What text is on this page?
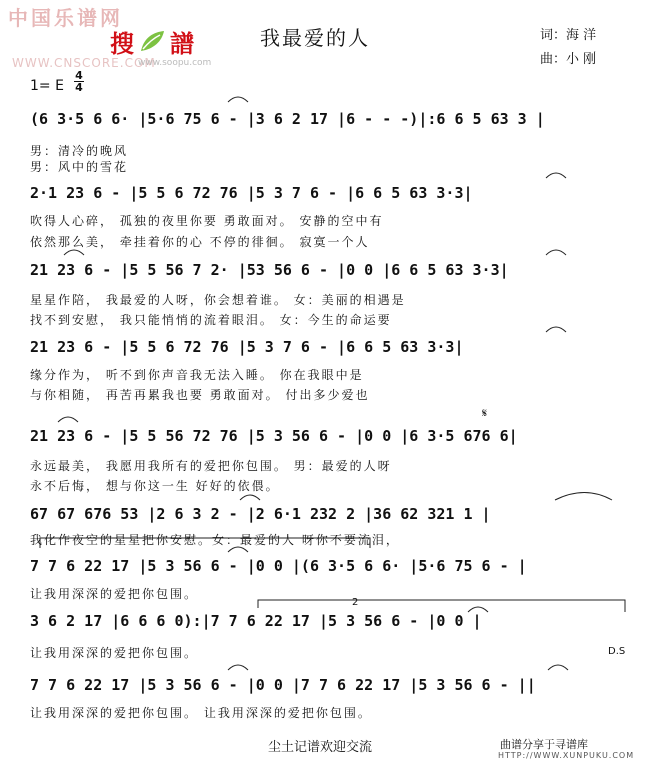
中国乐谱网
WWW.CNSCORE.COM
搜 譜
www.soopu.com
我最爱的人	词：海 洋
曲：小 刚
1= E
4
4
(6 3·5 6 6· |5·6 75 6 - |3 6 2 17 |6 - - -)|:6 6 5 63 3 |
男：清冷的晚风
男：风中的雪花
2·1 23 6 - |5 5 6 72 76 |5 3 7 6 - |6 6 5 63 3·3|
吹得人心碎， 孤独的夜里你要 勇敢面对。 安静的空中有
依然那么美， 牵挂着你的心 不停的徘徊。 寂寞一个人
21 23 6 - |5 5 56 7 2· |53 56 6 - |0 0 |6 6 5 63 3·3|
星星作陪， 我最爱的人呀，你会想着谁。 女：美丽的相遇是
找不到安慰， 我只能悄悄的流着眼泪。 女：今生的命运要
21 23 6 - |5 5 6 72 76 |5 3 7 6 - |6 6 5 63 3·3|
缘分作为， 听不到你声音我无法入睡。 你在我眼中是
与你相随， 再苦再累我也要 勇敢面对。 付出多少爱也
21 23 6 - |5 5 56 72 76 |5 3 56 6 - |0 0 |6 3·5 676 6|
永远最美， 我愿用我所有的爱把你包围。 男：最爱的人呀
永不后悔， 想与你这一生 好好的依偎。
67 67 676 53 |2 6 3 2 - |2 6·1 232 2 |36 62 321 1 |
我化作夜空的星星把你安慰。女：最爱的人 呀你不要流泪，
7 7 6 22 17 |5 3 56 6 - |0 0 |(6 3·5 6 6· |5·6 75 6 - |
让我用深深的爱把你包围。
3 6 2 17 |6 6 6 0):|7 7 6 22 17 |5 3 56 6 - |0 0 |
让我用深深的爱把你包围。
2
D.S
7 7 6 22 17 |5 3 56 6 - |0 0 |7 7 6 22 17 |5 3 56 6 - ||
让我用深深的爱把你包围。 让我用深深的爱把你包围。
尘土记谱欢迎交流	曲谱分享于寻谱库
HTTP://WWW.XUNPUKU.COM
𝄋
